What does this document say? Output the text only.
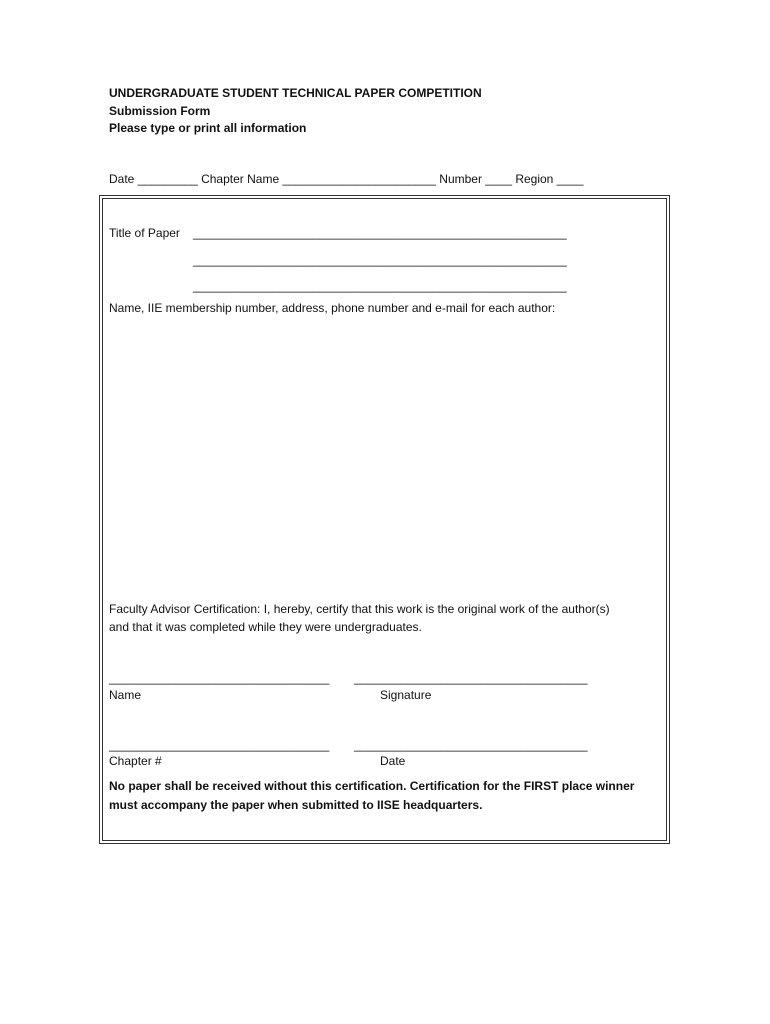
UNDERGRADUATE STUDENT TECHNICAL PAPER COMPETITION
Submission Form
Please type or print all information
Date _________ Chapter Name _______________________ Number ____ Region ____
Title of Paper ________________________________________________________
________________________________________________________
________________________________________________________
Name, IIE membership number, address, phone number and e-mail for each author:
Faculty Advisor Certification: I, hereby, certify that this work is the original work of the author(s)
and that it was completed while they were undergraduates.
_________________________________ ___________________________________
Name	Signature
_________________________________ ___________________________________
Chapter #	Date
No paper shall be received without this certification. Certification for the FIRST place winner
must accompany the paper when submitted to IISE headquarters.
